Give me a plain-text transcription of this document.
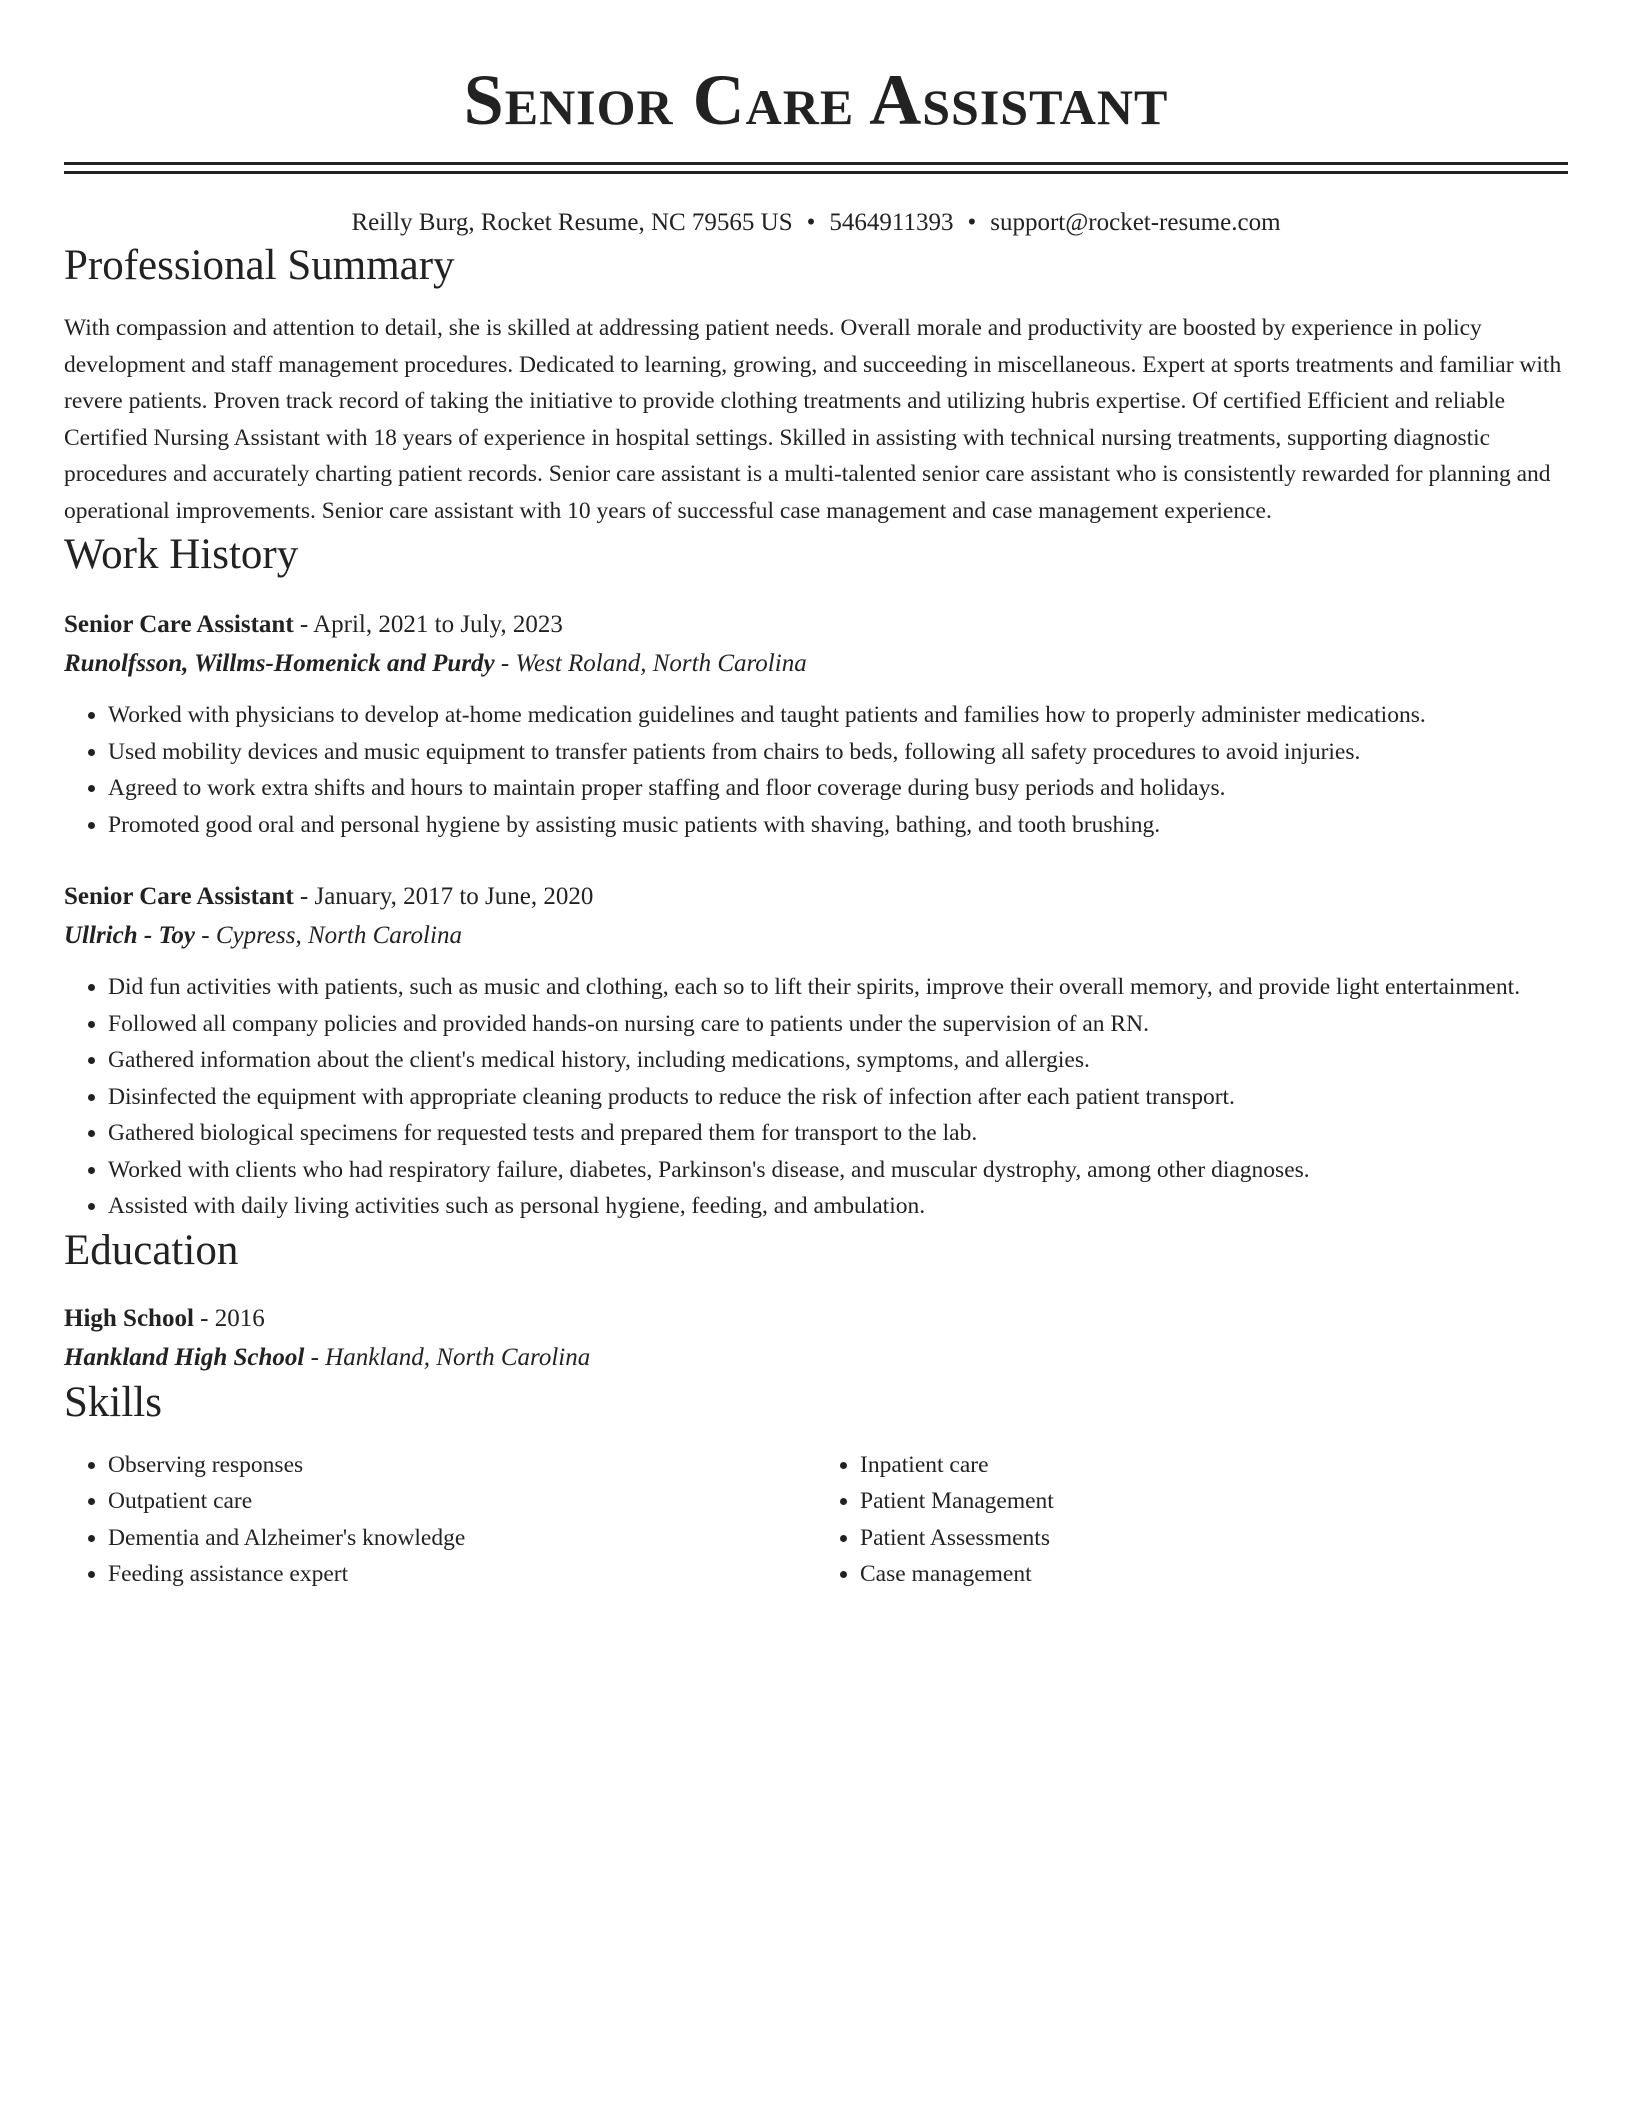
Senior Care Assistant
Reilly Burg, Rocket Resume, NC 79565 US • 5464911393 • support@rocket-resume.com
Professional Summary

With compassion and attention to detail, she is skilled at addressing patient needs. Overall morale and productivity are boosted by experience in policy development and staff management procedures. Dedicated to learning, growing, and succeeding in miscellaneous. Expert at sports treatments and familiar with revere patients. Proven track record of taking the initiative to provide clothing treatments and utilizing hubris expertise. Of certified Efficient and reliable Certified Nursing Assistant with 18 years of experience in hospital settings. Skilled in assisting with technical nursing treatments, supporting diagnostic procedures and accurately charting patient records. Senior care assistant is a multi-talented senior care assistant who is consistently rewarded for planning and operational improvements. Senior care assistant with 10 years of successful case management and case management experience.

Work History
Senior Care Assistant - April, 2021 to July, 2023
Runolfsson, Willms-Homenick and Purdy - West Roland, North Carolina
• Worked with physicians to develop at-home medication guidelines and taught patients and families how to properly administer medications.
• Used mobility devices and music equipment to transfer patients from chairs to beds, following all safety procedures to avoid injuries.
• Agreed to work extra shifts and hours to maintain proper staffing and floor coverage during busy periods and holidays.
• Promoted good oral and personal hygiene by assisting music patients with shaving, bathing, and tooth brushing.
Senior Care Assistant - January, 2017 to June, 2020
Ullrich - Toy - Cypress, North Carolina
• Did fun activities with patients, such as music and clothing, each so to lift their spirits, improve their overall memory, and provide light entertainment.
• Followed all company policies and provided hands-on nursing care to patients under the supervision of an RN.
• Gathered information about the client's medical history, including medications, symptoms, and allergies.
• Disinfected the equipment with appropriate cleaning products to reduce the risk of infection after each patient transport.
• Gathered biological specimens for requested tests and prepared them for transport to the lab.
• Worked with clients who had respiratory failure, diabetes, Parkinson's disease, and muscular dystrophy, among other diagnoses.
• Assisted with daily living activities such as personal hygiene, feeding, and ambulation.
Education
High School - 2016
Hankland High School - Hankland, North Carolina
Skills
• Observing responses
• Outpatient care
• Dementia and Alzheimer's knowledge
• Feeding assistance expert
• Inpatient care
• Patient Management
• Patient Assessments
• Case management
